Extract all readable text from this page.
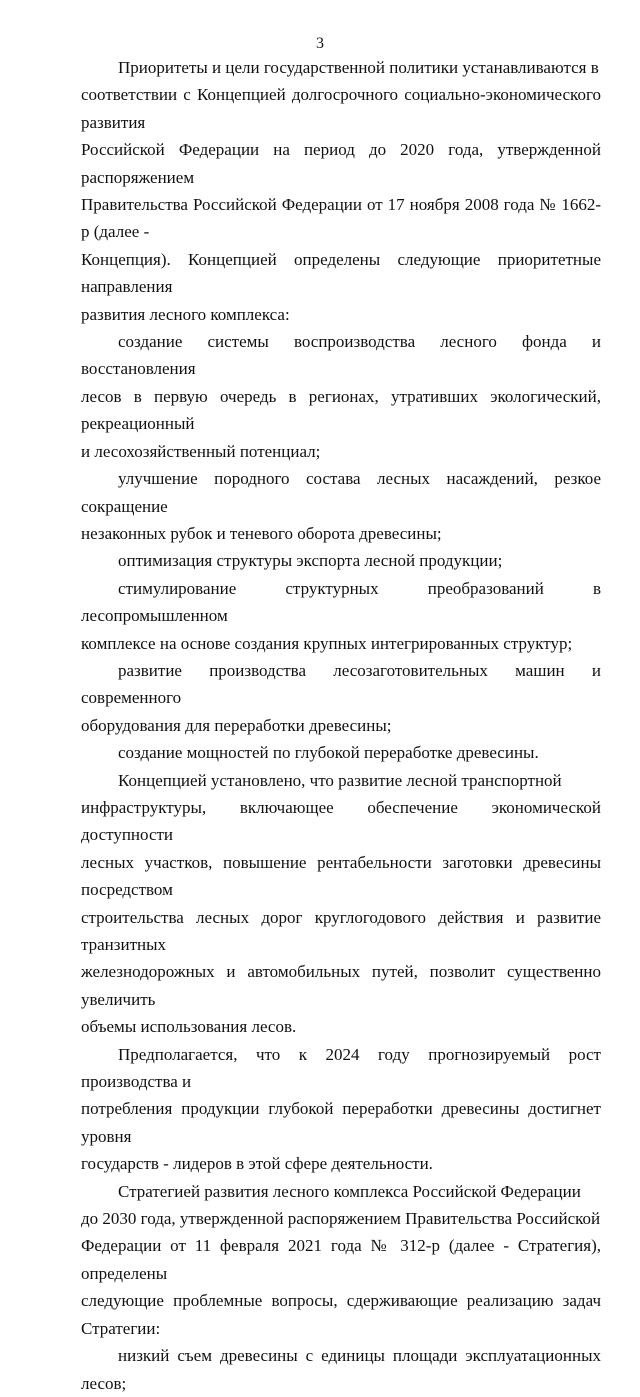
3

Приоритеты и цели государственной политики устанавливаются в
соответствии с Концепцией долгосрочного социально-экономического развития
Российской Федерации на период до 2020 года, утвержденной распоряжением
Правительства Российской Федерации от 17 ноября 2008 года № 1662-р (далее -
Концепция). Концепцией определены следующие приоритетные направления
развития лесного комплекса:

создание системы воспроизводства лесного фонда и восстановления
лесов в первую очередь в регионах, утративших экологический, рекреационный
и лесохозяйственный потенциал;

улучшение породного состава лесных насаждений, резкое сокращение
незаконных рубок и теневого оборота древесины;

оптимизация структуры экспорта лесной продукции;

стимулирование структурных преобразований в лесопромышленном
комплексе на основе создания крупных интегрированных структур;

развитие производства лесозаготовительных машин и современного
оборудования для переработки древесины;

создание мощностей по глубокой переработке древесины.

Концепцией установлено, что развитие лесной транспортной
инфраструктуры, включающее обеспечение экономической доступности
лесных участков, повышение рентабельности заготовки древесины посредством
строительства лесных дорог круглогодового действия и развитие транзитных
железнодорожных и автомобильных путей, позволит существенно увеличить
объемы использования лесов.

Предполагается, что к 2024 году прогнозируемый рост производства и
потребления продукции глубокой переработки древесины достигнет уровня
государств - лидеров в этой сфере деятельности.

Стратегией развития лесного комплекса Российской Федерации
до 2030 года, утвержденной распоряжением Правительства Российской
Федерации от 11 февраля 2021 года № 312-р (далее - Стратегия), определены
следующие проблемные вопросы, сдерживающие реализацию задач Стратегии:

низкий съем древесины с единицы площади эксплуатационных лесов;
